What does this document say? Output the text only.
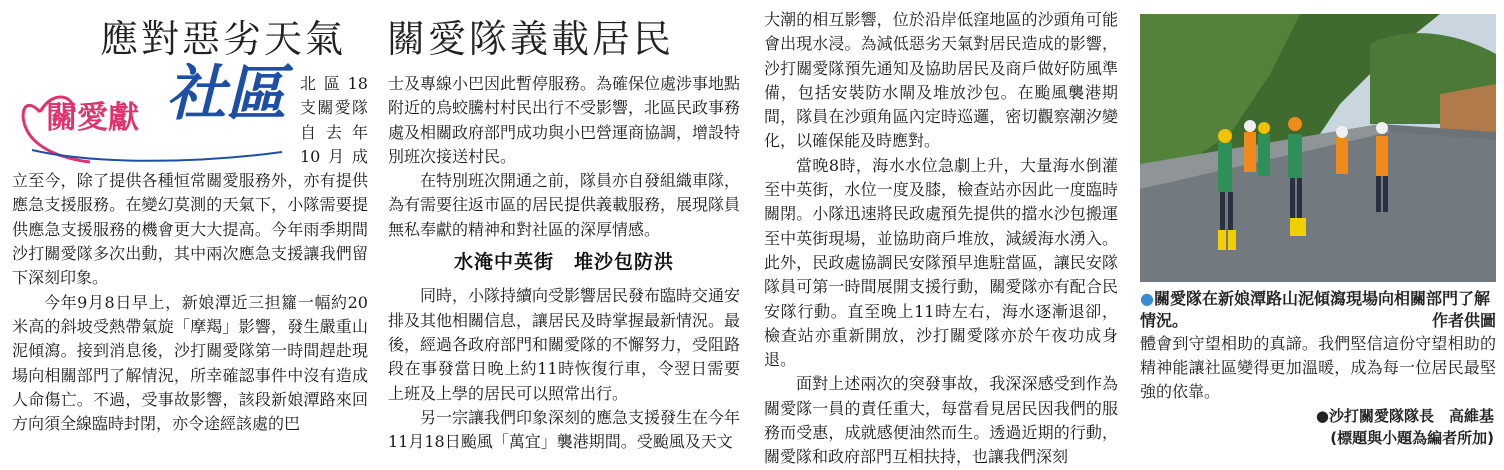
應對惡劣天氣　關愛隊義載居民
關愛獻 社區 北區18支關愛隊自去年10月成立至今，除了提供各種恒常關愛服務外，亦有提供應急支援服務。在變幻莫測的天氣下，小隊需要提供應急支援服務的機會更大大提高。今年雨季期間沙打關愛隊多次出動，其中兩次應急支援讓我們留下深刻印象。

今年9月8日早上，新娘潭近三担籮一幅約20米高的斜坡受熱帶氣旋「摩羯」影響，發生嚴重山泥傾瀉。接到消息後，沙打關愛隊第一時間趕赴現場向相關部門了解情況，所幸確認事件中沒有造成人命傷亡。不過，受事故影響，該段新娘潭路來回方向須全線臨時封閉，亦令途經該處的巴

士及專線小巴因此暫停服務。為確保位處涉事地點附近的烏蛟騰村村民出行不受影響，北區民政事務處及相關政府部門成功與小巴營運商協調，增設特別班次接送村民。

在特別班次開通之前，隊員亦自發組織車隊，為有需要往返市區的居民提供義載服務，展現隊員無私奉獻的精神和對社區的深厚情感。

水淹中英街　堆沙包防洪

同時，小隊持續向受影響居民發布臨時交通安排及其他相關信息，讓居民及時掌握最新情況。最後，經過各政府部門和關愛隊的不懈努力，受阻路段在事發當日晚上約11時恢復行車，令翌日需要上班及上學的居民可以照常出行。

另一宗讓我們印象深刻的應急支援發生在今年11月18日颱風「萬宜」襲港期間。受颱風及天文

大潮的相互影響，位於沿岸低窪地區的沙頭角可能會出現水浸。為減低惡劣天氣對居民造成的影響，沙打關愛隊預先通知及協助居民及商戶做好防風準備，包括安裝防水閘及堆放沙包。在颱風襲港期間，隊員在沙頭角區內定時巡邏，密切觀察潮汐變化，以確保能及時應對。

當晚8時，海水水位急劇上升，大量海水倒灌至中英街，水位一度及膝，檢查站亦因此一度臨時關閉。小隊迅速將民政處預先提供的擋水沙包搬運至中英街現場，並協助商戶堆放，減緩海水湧入。此外，民政處協調民安隊預早進駐當區，讓民安隊隊員可第一時間展開支援行動，關愛隊亦有配合民安隊行動。直至晚上11時左右，海水逐漸退卻，檢查站亦重新開放，沙打關愛隊亦於午夜功成身退。

面對上述兩次的突發事故，我深深感受到作為關愛隊一員的責任重大，每當看見居民因我們的服務而受惠，成就感便油然而生。透過近期的行動，關愛隊和政府部門互相扶持，也讓我們深刻

●關愛隊在新娘潭路山泥傾瀉現場向相關部門了解情況。	作者供圖

體會到守望相助的真諦。我們堅信這份守望相助的精神能讓社區變得更加溫暖，成為每一位居民最堅強的依靠。

●沙打關愛隊隊長　高維基
(標題與小題為編者所加)
